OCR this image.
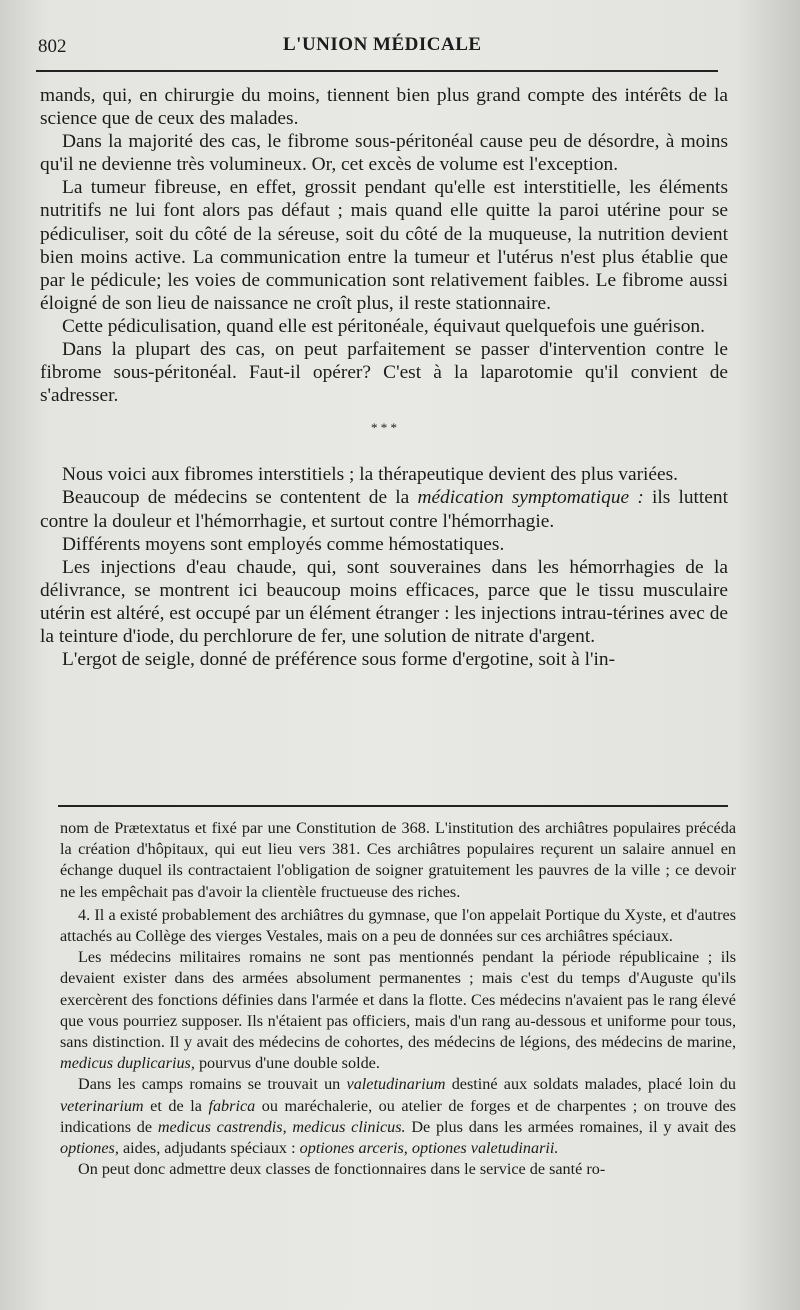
802	L'UNION MÉDICALE

mands, qui, en chirurgie du moins, tiennent bien plus grand compte des intérêts de la science que de ceux des malades.

Dans la majorité des cas, le fibrome sous-péritonéal cause peu de désordre, à moins qu'il ne devienne très volumineux. Or, cet excès de volume est l'exception.

La tumeur fibreuse, en effet, grossit pendant qu'elle est interstitielle, les éléments nutritifs ne lui font alors pas défaut ; mais quand elle quitte la paroi utérine pour se pédiculiser, soit du côté de la séreuse, soit du côté de la muqueuse, la nutrition devient bien moins active. La communication entre la tumeur et l'utérus n'est plus établie que par le pédicule; les voies de communication sont relativement faibles. Le fibrome aussi éloigné de son lieu de naissance ne croît plus, il reste stationnaire.

Cette pédiculisation, quand elle est péritonéale, équivaut quelquefois une guérison.

Dans la plupart des cas, on peut parfaitement se passer d'intervention contre le fibrome sous-péritonéal. Faut-il opérer? C'est à la laparotomie qu'il convient de s'adresser.

* * *

Nous voici aux fibromes interstitiels ; la thérapeutique devient des plus variées.

Beaucoup de médecins se contentent de la médication symptomatique : ils luttent contre la douleur et l'hémorrhagie, et surtout contre l'hémorrhagie.

Différents moyens sont employés comme hémostatiques.

Les injections d'eau chaude, qui, sont souveraines dans les hémorrhagies de la délivrance, se montrent ici beaucoup moins efficaces, parce que le tissu musculaire utérin est altéré, est occupé par un élément étranger : les injections intrau-térines avec de la teinture d'iode, du perchlorure de fer, une solution de nitrate d'argent.

L'ergot de seigle, donné de préférence sous forme d'ergotine, soit à l'in-

nom de Prætextatus et fixé par une Constitution de 368. L'institution des archiâtres populaires précéda la création d'hôpitaux, qui eut lieu vers 381. Ces archiâtres populaires reçurent un salaire annuel en échange duquel ils contractaient l'obligation de soigner gratuitement les pauvres de la ville ; ce devoir ne les empêchait pas d'avoir la clientèle fructueuse des riches.

4. Il a existé probablement des archiâtres du gymnase, que l'on appelait Portique du Xyste, et d'autres attachés au Collège des vierges Vestales, mais on a peu de données sur ces archiâtres spéciaux.

Les médecins militaires romains ne sont pas mentionnés pendant la période républicaine ; ils devaient exister dans des armées absolument permanentes ; mais c'est du temps d'Auguste qu'ils exercèrent des fonctions définies dans l'armée et dans la flotte. Ces médecins n'avaient pas le rang élevé que vous pourriez supposer. Ils n'étaient pas officiers, mais d'un rang au-dessous et uniforme pour tous, sans distinction. Il y avait des médecins de cohortes, des médecins de légions, des médecins de marine, medicus duplicarius, pourvus d'une double solde.

Dans les camps romains se trouvait un valetudinarium destiné aux soldats malades, placé loin du veterinarium et de la fabrica ou maréchalerie, ou atelier de forges et de charpentes ; on trouve des indications de medicus castrendis, medicus clinicus. De plus dans les armées romaines, il y avait des optiones, aides, adjudants spéciaux : optiones arceris, optiones valetudinarii.

On peut donc admettre deux classes de fonctionnaires dans le service de santé ro-
